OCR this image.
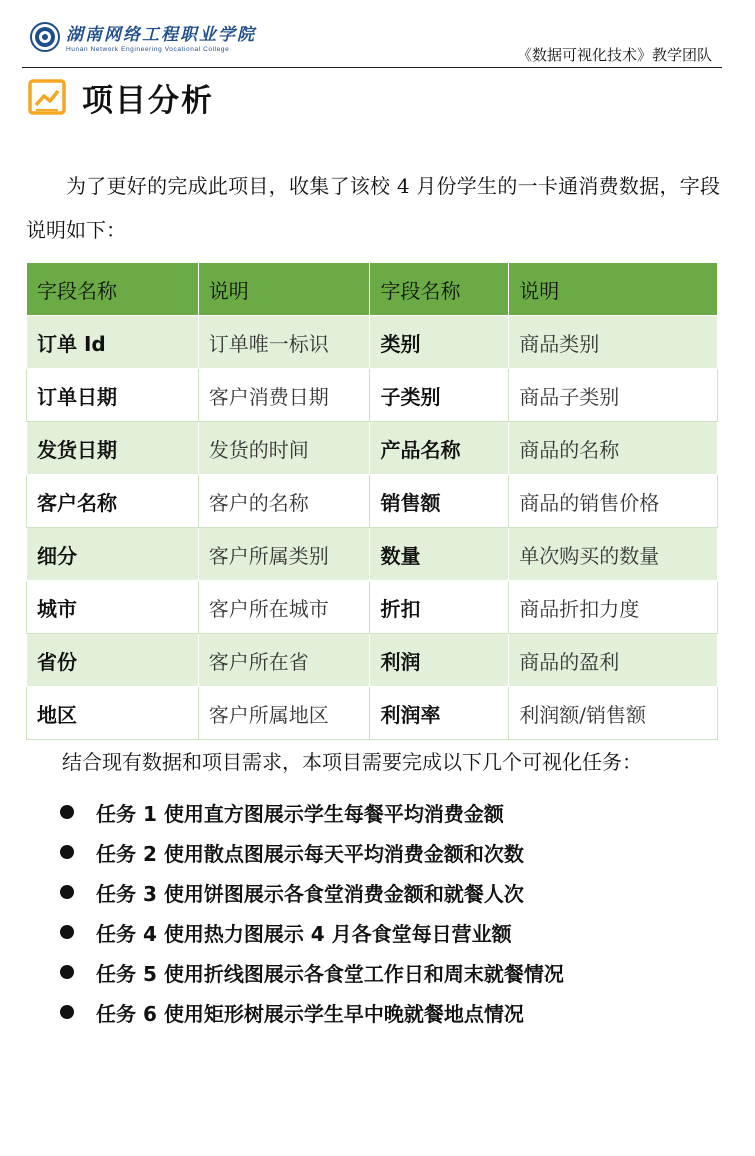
湖南网络工程职业学院
Hunan Network Engineering Vocational College	《数据可视化技术》教学团队
项目分析

为了更好的完成此项目，收集了该校 4 月份学生的一卡通消费数据，字段说明如下：

字段名称	说明	字段名称	说明
订单 Id	订单唯一标识	类别	商品类别
订单日期	客户消费日期	子类别	商品子类别
发货日期	发货的时间	产品名称	商品的名称
客户名称	客户的名称	销售额	商品的销售价格
细分	客户所属类别	数量	单次购买的数量
城市	客户所在城市	折扣	商品折扣力度
省份	客户所在省	利润	商品的盈利
地区	客户所属地区	利润率	利润额/销售额

结合现有数据和项目需求，本项目需要完成以下几个可视化任务：

任务 1 使用直方图展示学生每餐平均消费金额
任务 2 使用散点图展示每天平均消费金额和次数
任务 3 使用饼图展示各食堂消费金额和就餐人次
任务 4 使用热力图展示 4 月各食堂每日营业额
任务 5 使用折线图展示各食堂工作日和周末就餐情况
任务 6 使用矩形树展示学生早中晚就餐地点情况
